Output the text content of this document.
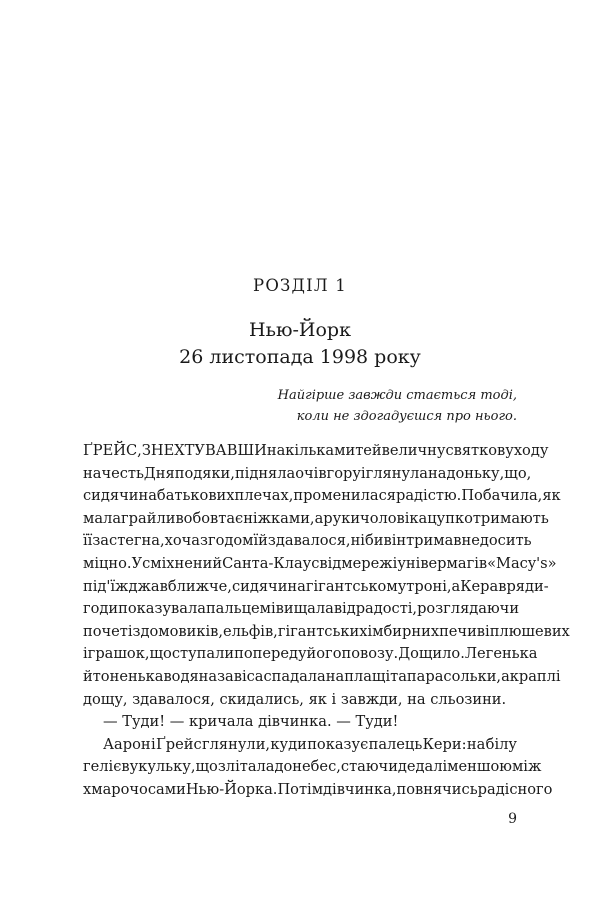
РОЗДІЛ 1
Нью-Йорк
26 листопада 1998 року
Найгірше завжди стається тоді,
коли не здогадуєшся про нього.
ҐРЕЙС, ЗНЕХТУВАВШИ на кілька митей величну святкову ходу
на честь Дня подяки, підняла очі вгору і глянула на доньку, що,
сидячи на батькових плечах, променилася радістю. Побачила, як
мала грайливо бовтає ніжками, а руки чоловіка цупко тримають
її за стегна, хоча згодом їй здавалося, ніби він тримав не досить
міцно. Усміхнений Санта-Клаус від мережі універмагів «Macy's»
під'їжджав ближче, сидячи на гігантському троні, а Кера вряди-
годи показувала пальцем і вищала від радості, розглядаючи
почет із домовиків, ельфів, гігантських імбирних печив і плюшевих
іграшок, що ступали попереду його повозу. Дощило. Легенька
й тоненька водяна завіса спадала на плащі та парасольки, а краплі
дощу, здавалося, скидались, як і завжди, на сльозини.
— Туди! — кричала дівчинка. — Туди!
Аарон і Ґрейс глянули, куди показує палець Кери: на білу
гелієву кульку, що злітала до небес, стаючи дедалі меншою між
хмарочосами Нью-Йорка. Потім дівчинка, повнячись радісного
9
